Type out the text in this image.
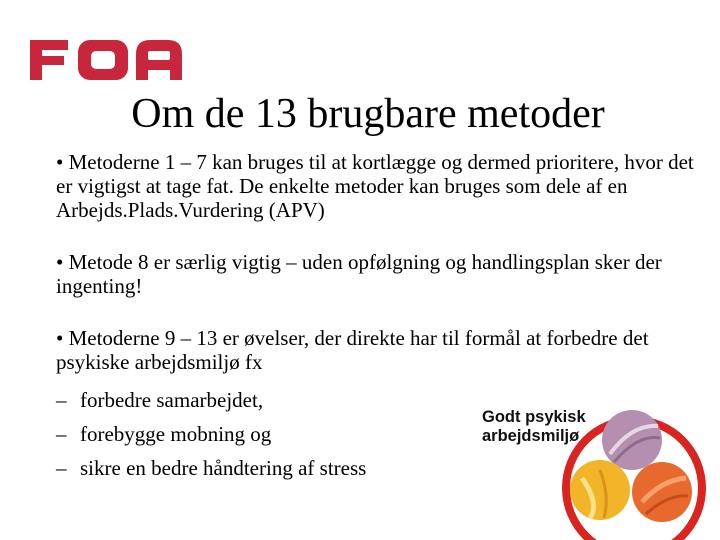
Om de 13 brugbare metoder

• Metoderne 1 – 7 kan bruges til at kortlægge og dermed prioritere, hvor det er vigtigst at tage fat. De enkelte metoder kan bruges som dele af en Arbejds.Plads.Vurdering (APV)

• Metode 8 er særlig vigtig – uden opfølgning og handlingsplan sker der ingenting!

• Metoderne 9 – 13 er øvelser, der direkte har til formål at forbedre det psykiske arbejdsmiljø fx

– forbedre samarbejdet,
– forebygge mobning og
– sikre en bedre håndtering af stress
Godt psykisk
arbejdsmiljø
